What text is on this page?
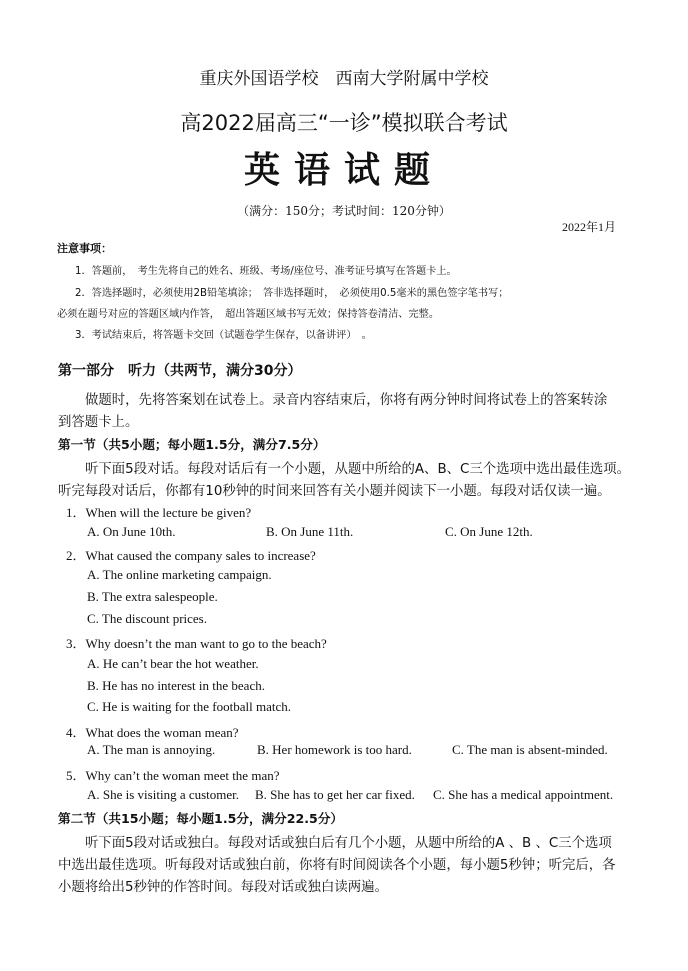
重庆外国语学校　西南大学附属中学校
高2022届高三“一诊”模拟联合考试
英语试题
（满分：150分；考试时间：120分钟）
2022年1月
注意事项：
1．答题前，　考生先将自己的姓名、班级、考场/座位号、准考证号填写在答题卡上。
2．答选择题时，必须使用2B铅笔填涂；　答非选择题时，　必须使用0.5毫米的黑色签字笔书写；
必须在题号对应的答题区域内作答，　超出答题区域书写无效；保持答卷清洁、完整。
3．考试结束后，将答题卡交回（试题卷学生保存，以备讲评）　。
第一部分　听力（共两节，满分30分）
做题时，先将答案划在试卷上。录音内容结束后，你将有两分钟时间将试卷上的答案转涂
到答题卡上。
第一节（共5小题；每小题1.5分，满分7.5分）
听下面5段对话。每段对话后有一个小题，从题中所给的A、B、C三个选项中选出最佳选项。
听完每段对话后，你都有10秒钟的时间来回答有关小题并阅读下一小题。每段对话仅读一遍。
1．When will the lecture be given?
A. On June 10th.	B. On June 11th.	C. On June 12th.
2．What caused the company sales to increase?
A. The online marketing campaign.
B. The extra salespeople.
C. The discount prices.
3．Why doesn’t the man want to go to the beach?
A. He can’t bear the hot weather.
B. He has no interest in the beach.
C. He is waiting for the football match.
4．What does the woman mean?
A. The man is annoying.	B. Her homework is too hard.	C. The man is absent-minded.
5．Why can’t the woman meet the man?
A. She is visiting a customer. B. She has to get her car fixed. C. She has a medical appointment.
第二节（共15小题；每小题1.5分，满分22.5分）
听下面5段对话或独白。每段对话或独白后有几个小题，从题中所给的A 、B 、C三个选项
中选出最佳选项。听每段对话或独白前，你将有时间阅读各个小题，每小题5秒钟；听完后，各
小题将给出5秒钟的作答时间。每段对话或独白读两遍。
